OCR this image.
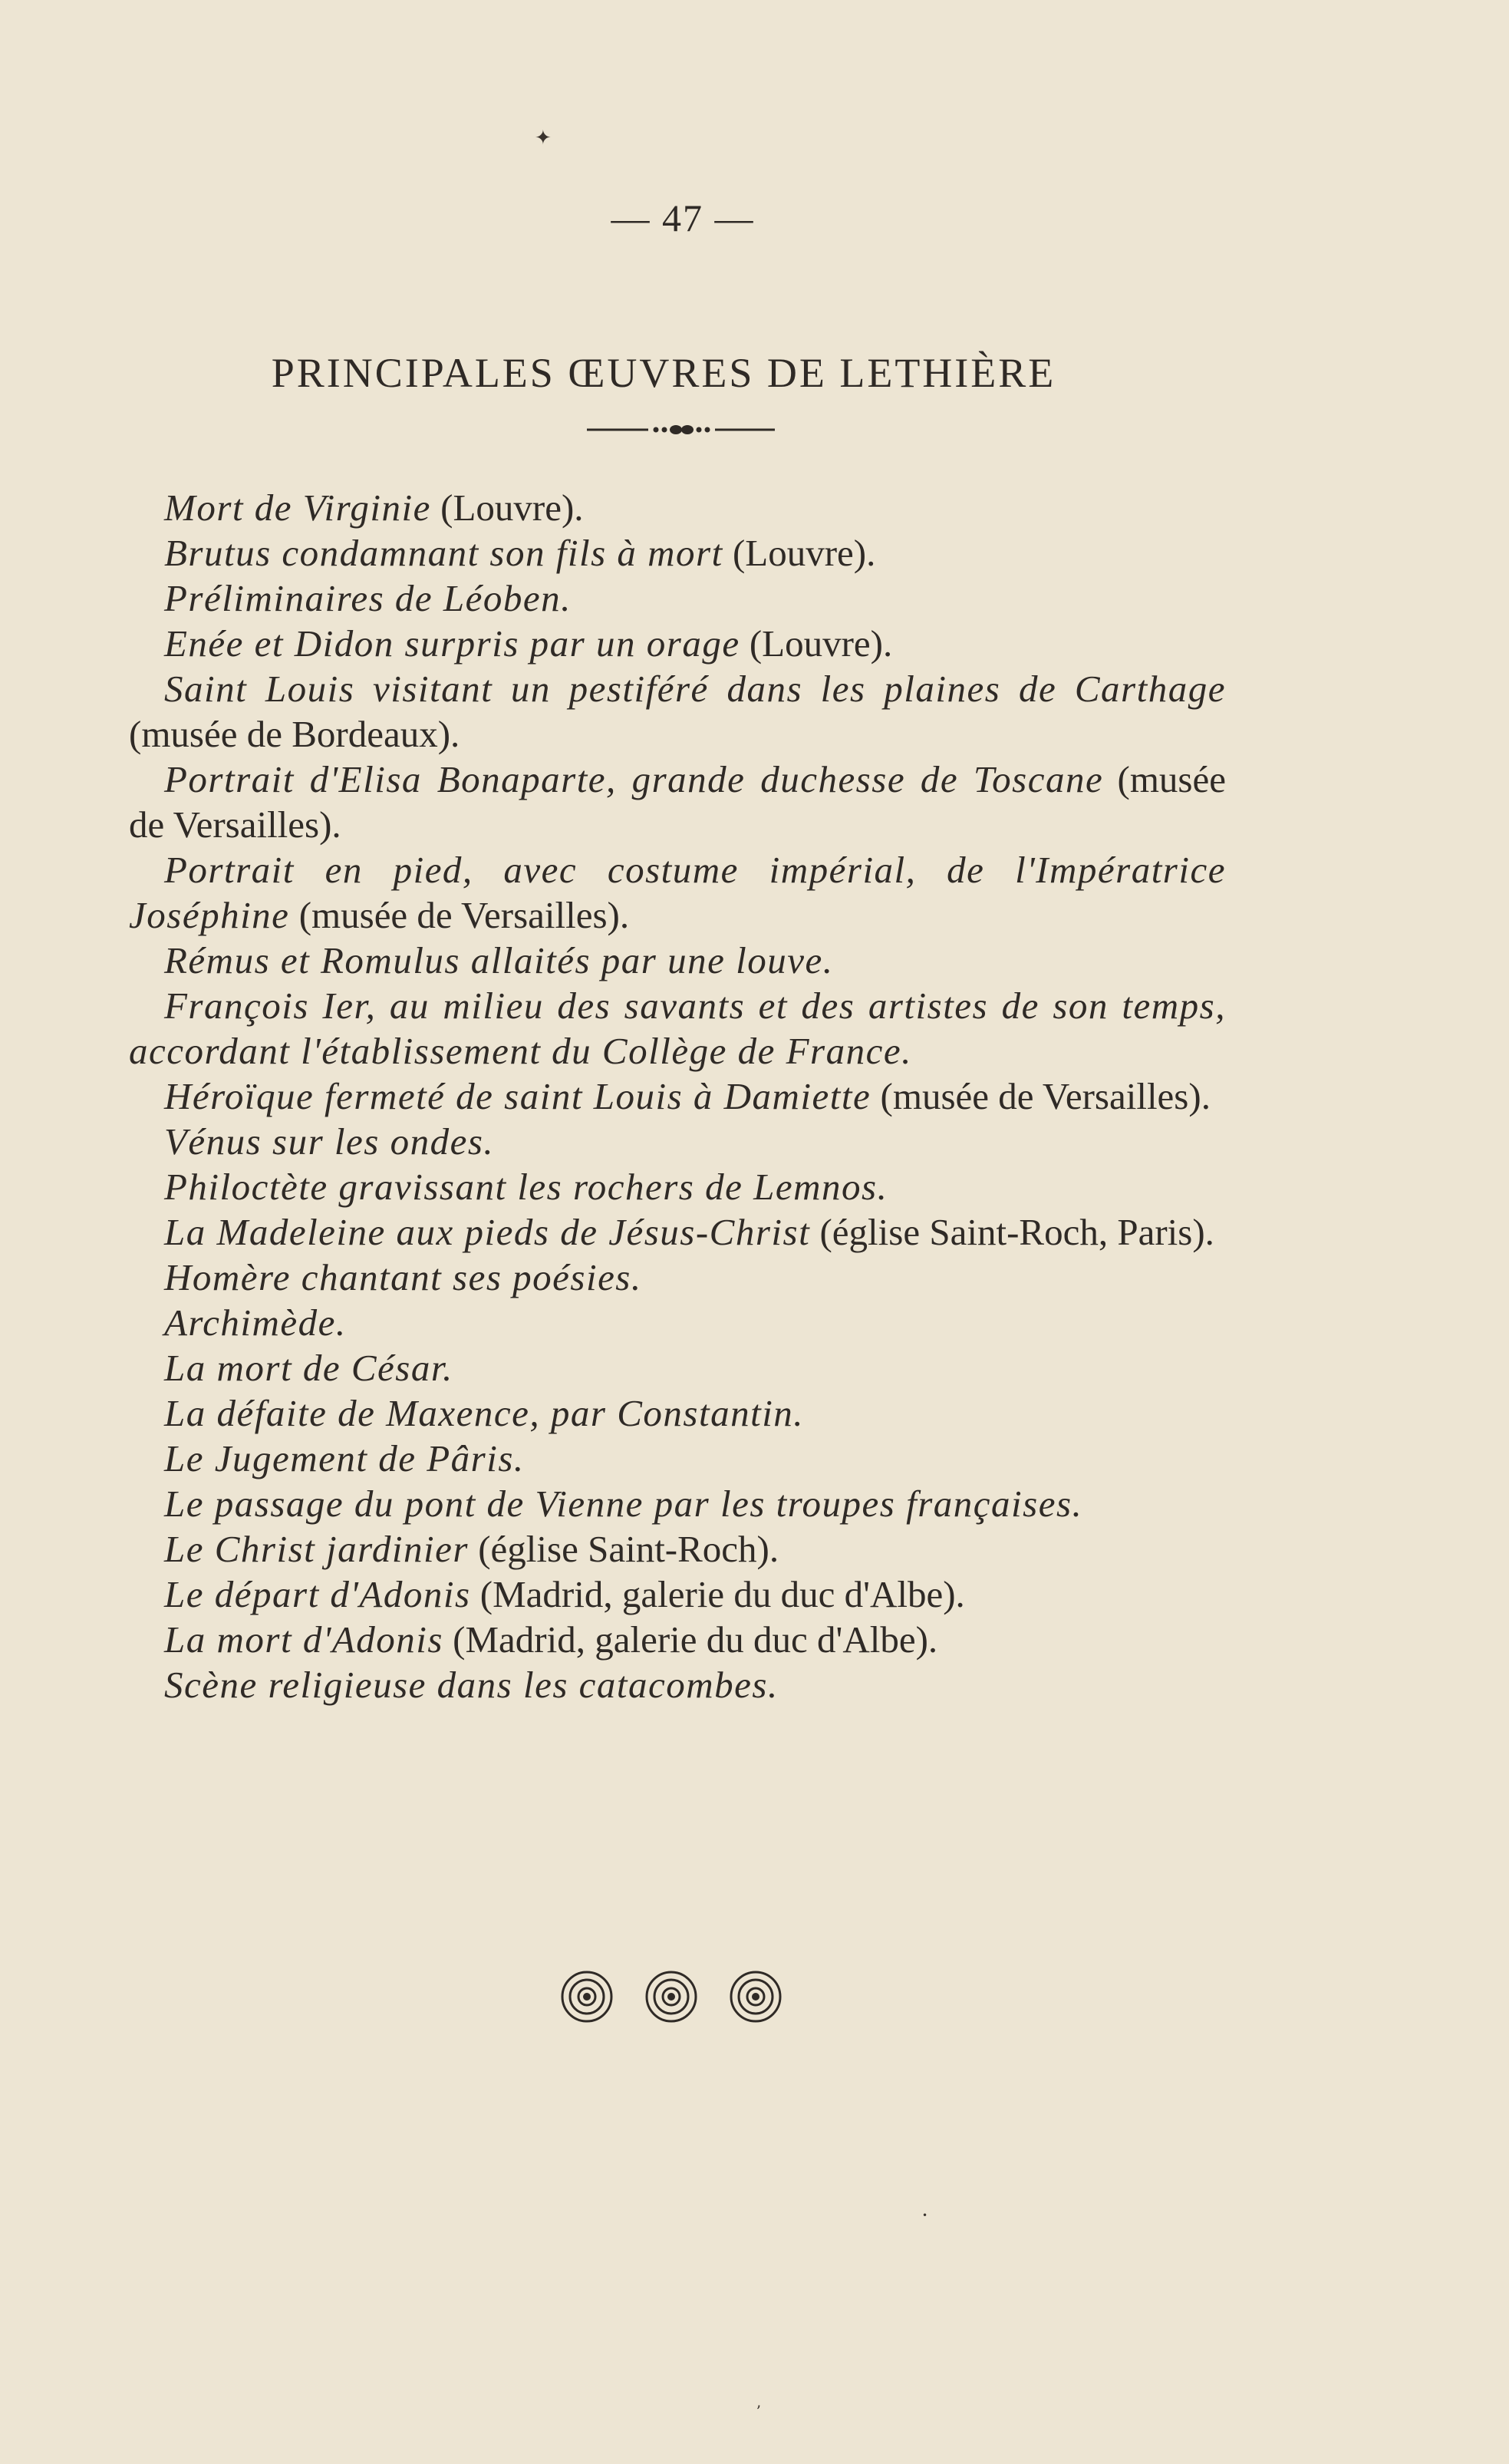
✦
— 47 —
PRINCIPALES ŒUVRES DE LETHIÈRE

Mort de Virginie (Louvre).

Brutus condamnant son fils à mort (Louvre).

Préliminaires de Léoben.

Enée et Didon surpris par un orage (Louvre).

Saint Louis visitant un pestiféré dans les plaines de Carthage (musée de Bordeaux).

Portrait d'Elisa Bonaparte, grande duchesse de Toscane (musée de Versailles).

Portrait en pied, avec costume impérial, de l'Impératrice Joséphine (musée de Versailles).

Rémus et Romulus allaités par une louve.

François Ier, au milieu des savants et des artistes de son temps, accordant l'établissement du Collège de France.

Héroïque fermeté de saint Louis à Damiette (musée de Versailles).

Vénus sur les ondes.

Philoctète gravissant les rochers de Lemnos.

La Madeleine aux pieds de Jésus-Christ (église Saint-Roch, Paris).

Homère chantant ses poésies.

Archimède.

La mort de César.

La défaite de Maxence, par Constantin.

Le Jugement de Pâris.

Le passage du pont de Vienne par les troupes françaises.

Le Christ jardinier (église Saint-Roch).

Le départ d'Adonis (Madrid, galerie du duc d'Albe).

La mort d'Adonis (Madrid, galerie du duc d'Albe).

Scène religieuse dans les catacombes.

•
ʼ
